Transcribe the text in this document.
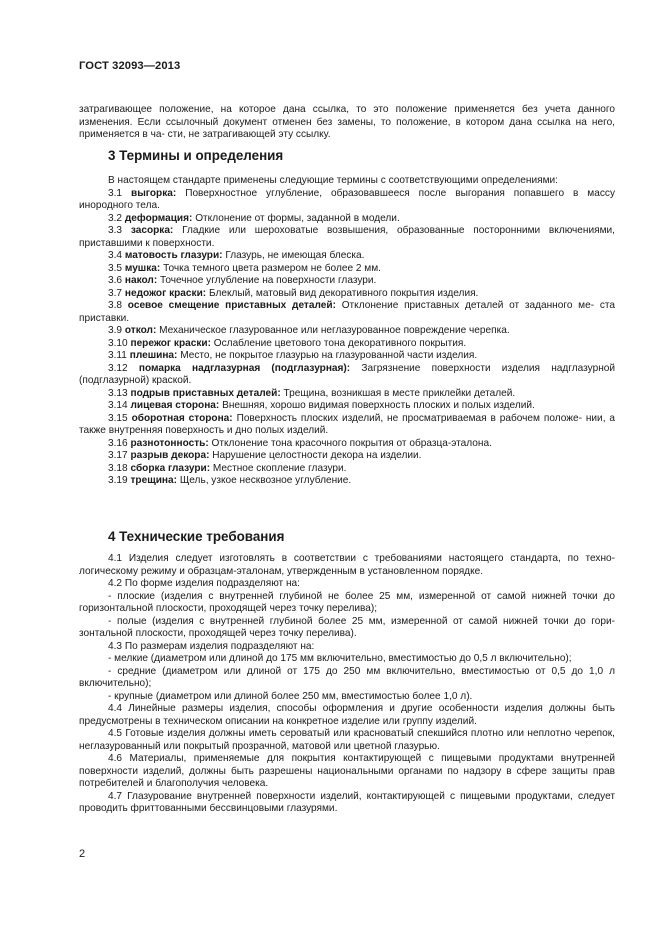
ГОСТ 32093—2013

затрагивающее положение, на которое дана ссылка, то это положение применяется без учета данного изменения. Если ссылочный документ отменен без замены, то положение, в котором дана ссылка на него, применяется в ча- сти, не затрагивающей эту ссылку.

3 Термины и определения

В настоящем стандарте применены следующие термины с соответствующими определениями:

3.1 выгорка: Поверхностное углубление, образовавшееся после выгорания попавшего в массу инородного тела.

3.2 деформация: Отклонение от формы, заданной в модели.

3.3 засорка: Гладкие или шероховатые возвышения, образованные посторонними включениями, приставшими к поверхности.

3.4 матовость глазури: Глазурь, не имеющая блеска.

3.5 мушка: Точка темного цвета размером не более 2 мм.

3.6 накол: Точечное углубление на поверхности глазури.

3.7 недожог краски: Блеклый, матовый вид декоративного покрытия изделия.

3.8 осевое смещение приставных деталей: Отклонение приставных деталей от заданного ме- ста приставки.

3.9 откол: Механическое глазурованное или неглазурованное повреждение черепка.

3.10 пережог краски: Ослабление цветового тона декоративного покрытия.

3.11 плешина: Место, не покрытое глазурью на глазурованной части изделия.

3.12 помарка надглазурная (подглазурная): Загрязнение поверхности изделия надглазурной (подглазурной) краской.

3.13 подрыв приставных деталей: Трещина, возникшая в месте приклейки деталей.

3.14 лицевая сторона: Внешняя, хорошо видимая поверхность плоских и полых изделий.

3.15 оборотная сторона: Поверхность плоских изделий, не просматриваемая в рабочем положе- нии, а также внутренняя поверхность и дно полых изделий.

3.16 разнотонность: Отклонение тона красочного покрытия от образца-эталона.

3.17 разрыв декора: Нарушение целостности декора на изделии.

3.18 сборка глазури: Местное скопление глазури.

3.19 трещина: Щель, узкое несквозное углубление.

4 Технические требования

4.1 Изделия следует изготовлять в соответствии с требованиями настоящего стандарта, по техно- логическому режиму и образцам-эталонам, утвержденным в установленном порядке.

4.2 По форме изделия подразделяют на:

- плоские (изделия с внутренней глубиной не более 25 мм, измеренной от самой нижней точки до горизонтальной плоскости, проходящей через точку перелива);

- полые (изделия с внутренней глубиной более 25 мм, измеренной от самой нижней точки до гори- зонтальной плоскости, проходящей через точку перелива).

4.3 По размерам изделия подразделяют на:

- мелкие (диаметром или длиной до 175 мм включительно, вместимостью до 0,5 л включительно);

- средние (диаметром или длиной от 175 до 250 мм включительно, вместимостью от 0,5 до 1,0 л включительно);

- крупные (диаметром или длиной более 250 мм, вместимостью более 1,0 л).

4.4 Линейные размеры изделия, способы оформления и другие особенности изделия должны быть предусмотрены в техническом описании на конкретное изделие или группу изделий.

4.5 Готовые изделия должны иметь сероватый или красноватый спекшийся плотно или неплотно черепок, неглазурованный или покрытый прозрачной, матовой или цветной глазурью.

4.6 Материалы, применяемые для покрытия контактирующей с пищевыми продуктами внутренней поверхности изделий, должны быть разрешены национальными органами по надзору в сфере защиты прав потребителей и благополучия человека.

4.7 Глазурование внутренней поверхности изделий, контактирующей с пищевыми продуктами, следует проводить фриттованными бессвинцовыми глазурями.

2
